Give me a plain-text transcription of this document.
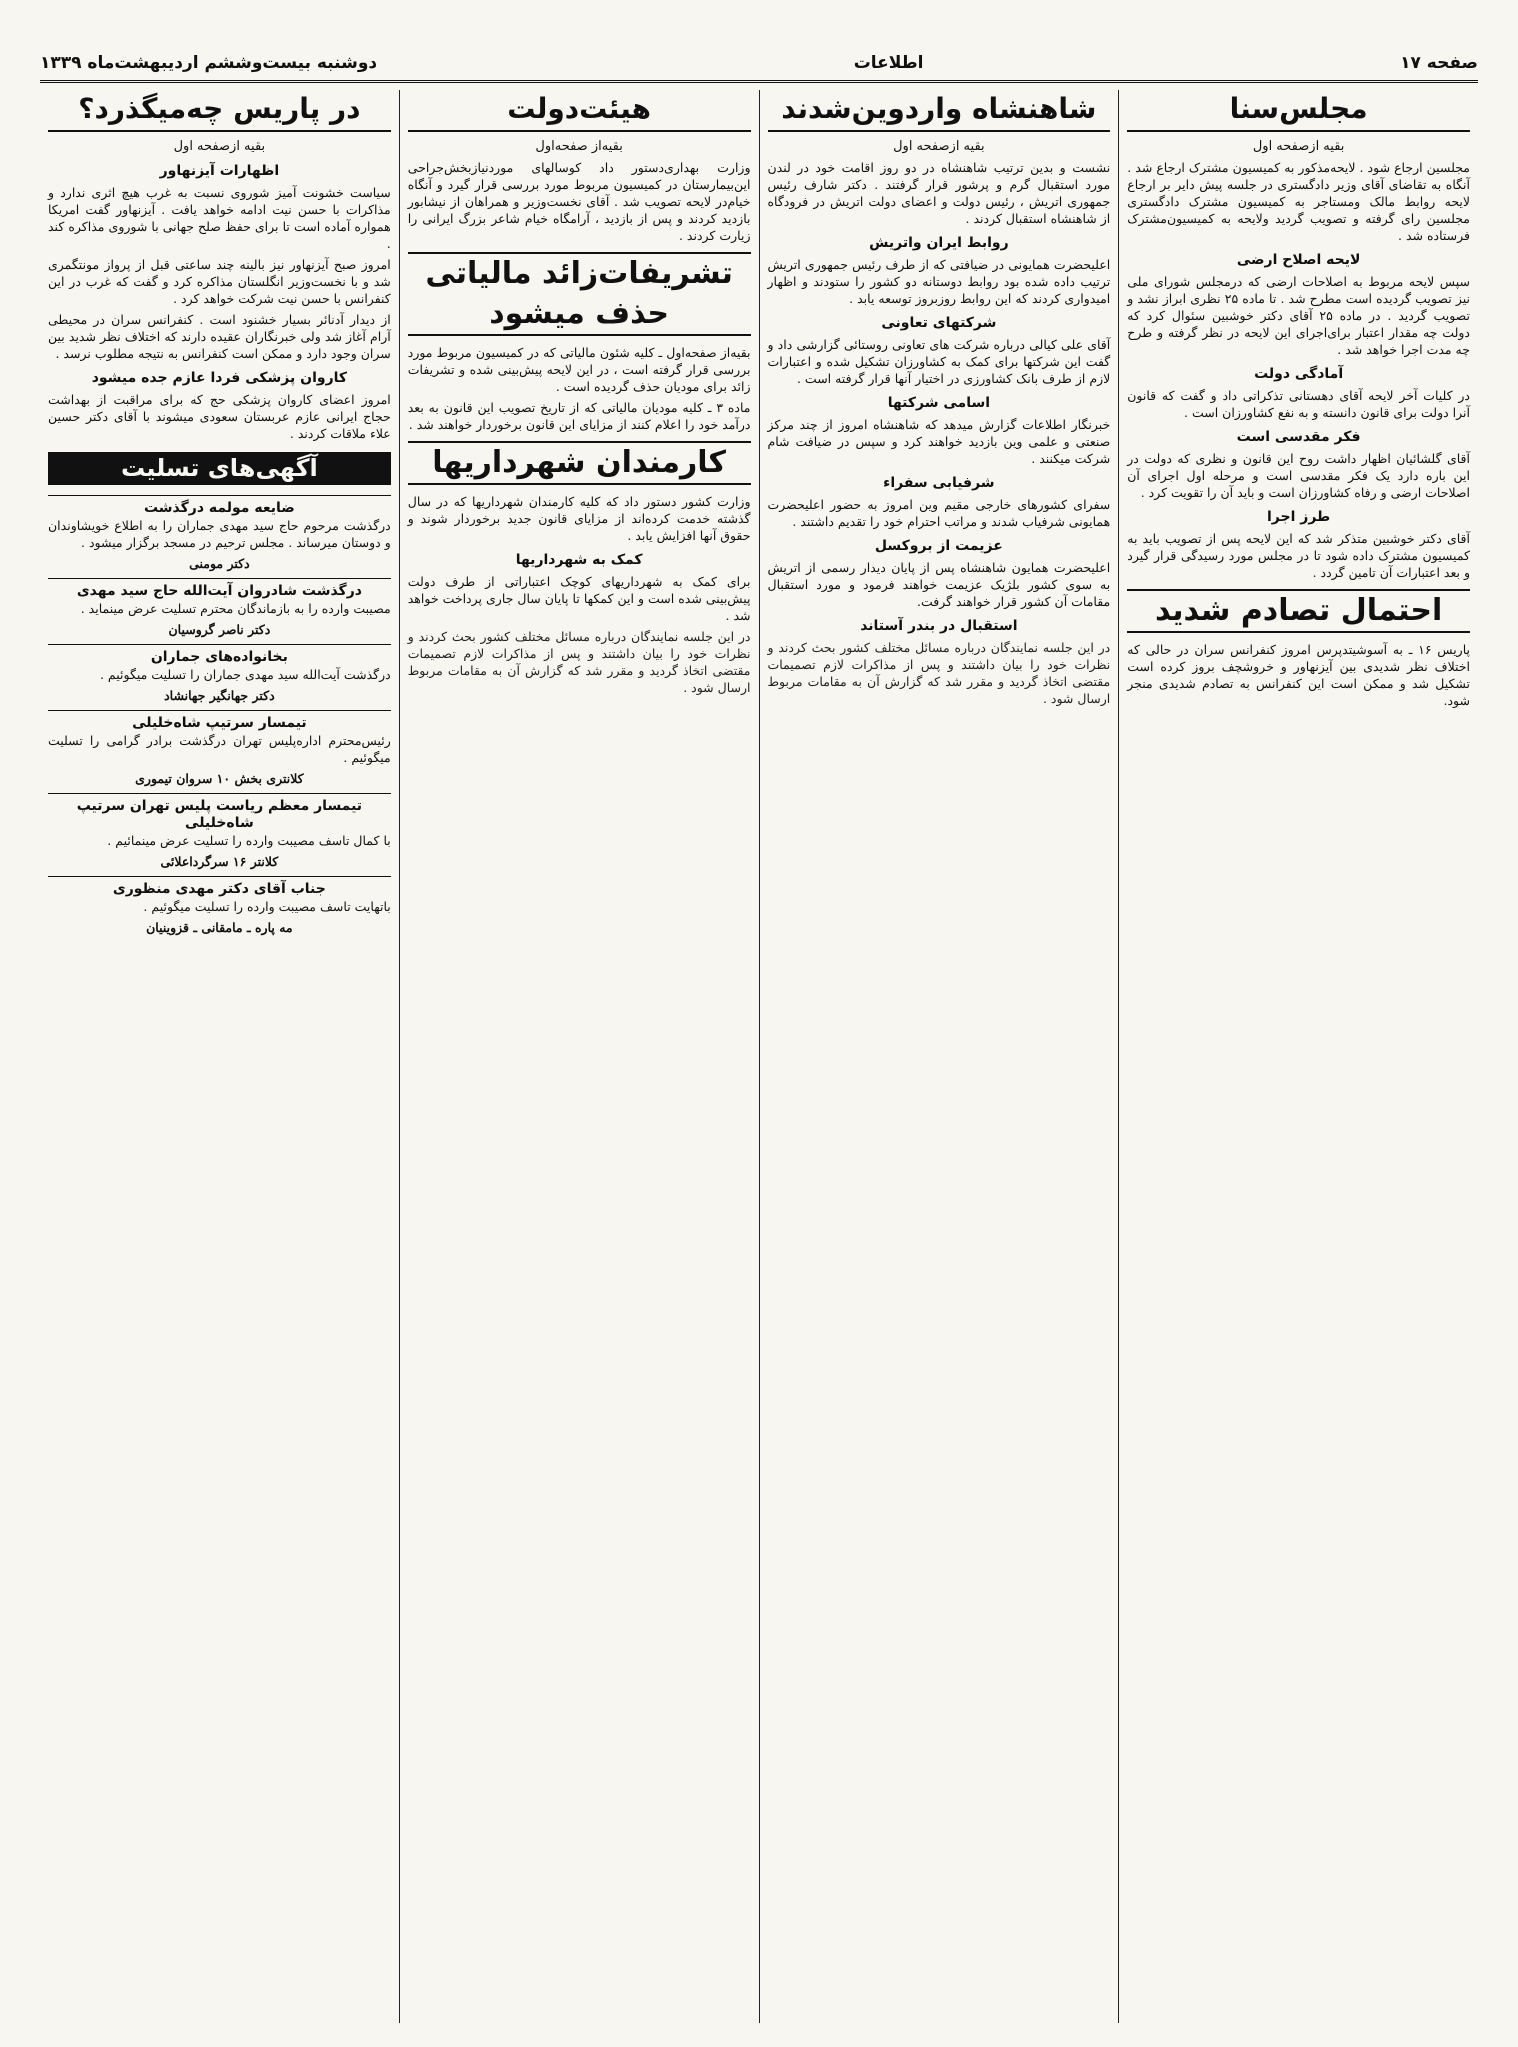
صفحه ۱۷
اطلاعات
دوشنبه بیست‌وششم اردیبهشت‌ماه ۱۳۳۹
مجلس‌سنا
بقیه ازصفحه اول

مجلسین ارجاع شود . لایحه‌مذکور به کمیسیون مشترک ارجاع شد . آنگاه به تقاضای آقای وزیر دادگستری در جلسه پیش دایر بر ارجاع لایحه روابط مالک ومستاجر به کمیسیون مشترک دادگستری مجلسین رای گرفته و تصویب گردید ولایحه به کمیسیون‌مشترک فرستاده شد .

لایحه اصلاح ارضی

سپس لایحه مربوط به اصلاحات ارضی که درمجلس شورای ملی نیز تصویب گردیده است مطرح شد . تا ماده ۲۵ نظری ابراز نشد و تصویب گردید . در ماده ۲۵ آقای دکتر خوشبین سئوال کرد که دولت چه مقدار اعتبار برای‌اجرای این لایحه در نظر گرفته و طرح چه مدت اجرا خواهد شد .

آمادگی دولت

در کلیات آخر لایحه آقای دهستانی تذکراتی داد و گفت که قانون آنرا دولت برای قانون دانسته و به نفع کشاورزان است .

فکر مقدسی است

آقای گلشائیان اظهار داشت روح این قانون و نظری که دولت در این باره دارد یک فکر مقدسی است و مرحله اول اجرای آن اصلاحات ارضی و رفاه کشاورزان است و باید آن را تقویت کرد .

طرز اجرا

آقای دکتر خوشبین متذکر شد که این لایحه پس از تصویب باید به کمیسیون مشترک داده شود تا در مجلس مورد رسیدگی قرار گیرد و بعد اعتبارات آن تامین گردد .

احتمال تصادم شدید

پاریس ۱۶ ـ به آسوشیتدپرس امروز کنفرانس سران در حالی که اختلاف نظر شدیدی بین آیزنهاور و خروشچف بروز کرده است تشکیل شد و ممکن است این کنفرانس به تصادم شدیدی منجر شود.

شاهنشاه واردوین‌شدند
بقیه ازصفحه اول

نشست و بدین ترتیب شاهنشاه در دو روز اقامت خود در لندن مورد استقبال گرم و پرشور قرار گرفتند . دکتر شارف رئیس جمهوری اتریش ، رئیس دولت و اعضای دولت اتریش در فرودگاه از شاهنشاه استقبال کردند .

روابط ایران واتریش

اعلیحضرت همایونی در ضیافتی که از طرف رئیس جمهوری اتریش ترتیب داده شده بود روابط دوستانه دو کشور را ستودند و اظهار امیدواری کردند که این روابط روزبروز توسعه یابد .

شرکتهای تعاونی

آقای علی کیالی درباره شرکت های تعاونی روستائی گزارشی داد و گفت این شرکتها برای کمک به کشاورزان تشکیل شده و اعتبارات لازم از طرف بانک کشاورزی در اختیار آنها قرار گرفته است .

اسامی شرکتها

خبرنگار اطلاعات گزارش میدهد که شاهنشاه امروز از چند مرکز صنعتی و علمی وین بازدید خواهند کرد و سپس در ضیافت شام شرکت میکنند .

شرفیابی سفراء

سفرای کشورهای خارجی مقیم وین امروز به حضور اعلیحضرت همایونی شرفیاب شدند و مراتب احترام خود را تقدیم داشتند .

عزیمت از بروکسل

اعلیحضرت همایون شاهنشاه پس از پایان دیدار رسمی از اتریش به سوی کشور بلژیک عزیمت خواهند فرمود و مورد استقبال مقامات آن کشور قرار خواهند گرفت.

استقبال در بندر آستاند

در این جلسه نمایندگان درباره مسائل مختلف کشور بحث کردند و نظرات خود را بیان داشتند و پس از مذاکرات لازم تصمیمات مقتضی اتخاذ گردید و مقرر شد که گزارش آن به مقامات مربوط ارسال شود .

هیئت‌دولت
بقیه‌از صفحه‌اول

وزارت بهداری‌دستور داد کوسالهای مورد‌نیاز‌بخش‌جراحی این‌بیمارستان در کمیسیون مربوط مورد بررسی قرار گیرد و آنگاه خیام‌در لایحه تصویب شد . آقای نخست‌وزیر و همراهان از نیشابور بازدید کردند و پس از بازدید ، آرامگاه خیام شاعر بزرگ ایرانی را زیارت کردند .

تشریفات‌زائد مالیاتی حذف میشود

بقیه‌از صفحه‌اول ـ کلیه شئون مالیاتی که در کمیسیون مربوط مورد بررسی قرار گرفته است ، در این لایحه پیش‌بینی شده و تشریفات زائد برای مودیان حذف گردیده است .

ماده ۳ ـ کلیه مودیان مالیاتی که از تاریخ تصویب این قانون به بعد درآمد خود را اعلام کنند از مزایای این قانون برخوردار خواهند شد .

کارمندان شهرداریها

وزارت کشور دستور داد که کلیه کارمندان شهرداریها که در سال گذشته خدمت کرده‌اند از مزایای قانون جدید برخوردار شوند و حقوق آنها افزایش یابد .

کمک به شهرداریها

برای کمک به شهرداریهای کوچک اعتباراتی از طرف دولت پیش‌بینی شده است و این کمکها تا پایان سال جاری پرداخت خواهد شد .

در این جلسه نمایندگان درباره مسائل مختلف کشور بحث کردند و نظرات خود را بیان داشتند و پس از مذاکرات لازم تصمیمات مقتضی اتخاذ گردید و مقرر شد که گزارش آن به مقامات مربوط ارسال شود .

در پاریس چه‌میگذرد؟
بقیه ازصفحه اول
اظهارات آیزنهاور

سیاست خشونت آمیز شوروی نسبت به غرب هیچ اثری ندارد و مذاکرات با حسن نیت ادامه خواهد یافت . آیزنهاور گفت امریکا همواره آماده است تا برای حفظ صلح جهانی با شوروی مذاکره کند .

امروز صبح آیزنهاور نیز بالینه چند ساعتی قبل از پرواز مونتگمری شد و با نخست‌وزیر انگلستان مذاکره کرد و گفت که غرب در این کنفرانس با حسن نیت شرکت خواهد کرد .

از دیدار آدنائر بسیار خشنود است . کنفرانس سران در محیطی آرام آغاز شد ولی خبرنگاران عقیده دارند که اختلاف نظر شدید بین سران وجود دارد و ممکن است کنفرانس به نتیجه مطلوب نرسد .

کاروان پزشکی فردا عازم جده میشود

امروز اعضای کاروان پزشکی حج که برای مراقبت از بهداشت حجاج ایرانی عازم عربستان سعودی میشوند با آقای دکتر حسین علاء ملاقات کردند .

آگهی‌های تسلیت
ضایعه مولمه درگذشت

درگذشت مرحوم حاج سید مهدی جماران را به اطلاع خویشاوندان و دوستان میرساند . مجلس ترحیم در مسجد برگزار میشود .

دکتر مومنی
درگذشت شادروان آیت‌الله حاج سید مهدی

مصیبت وارده را به بازماندگان محترم تسلیت عرض مینماید .

دکتر ناصر گروسیان
بخانواده‌های جماران

درگذشت آیت‌الله سید مهدی جماران را تسلیت میگوئیم .

دکتر جهانگیر جهانشاد
تیمسار سرتیپ شاه‌خلیلی

رئیس‌محترم اداره‌پلیس تهران درگذشت برادر گرامی را تسلیت میگوئیم .

کلانتری بخش ۱۰ سروان تیموری
تیمسار معظم ریاست پلیس تهران سرتیپ شاه‌خلیلی

با کمال تاسف مصیبت وارده را تسلیت عرض مینمائیم .

کلانتر ۱۶ سرگرد‌اعلائی
جناب آقای دکتر مهدی منظوری

باتهایت تاسف مصیبت وارده را تسلیت میگوئیم .

مه پاره ـ مامقانی ـ قزوینیان
